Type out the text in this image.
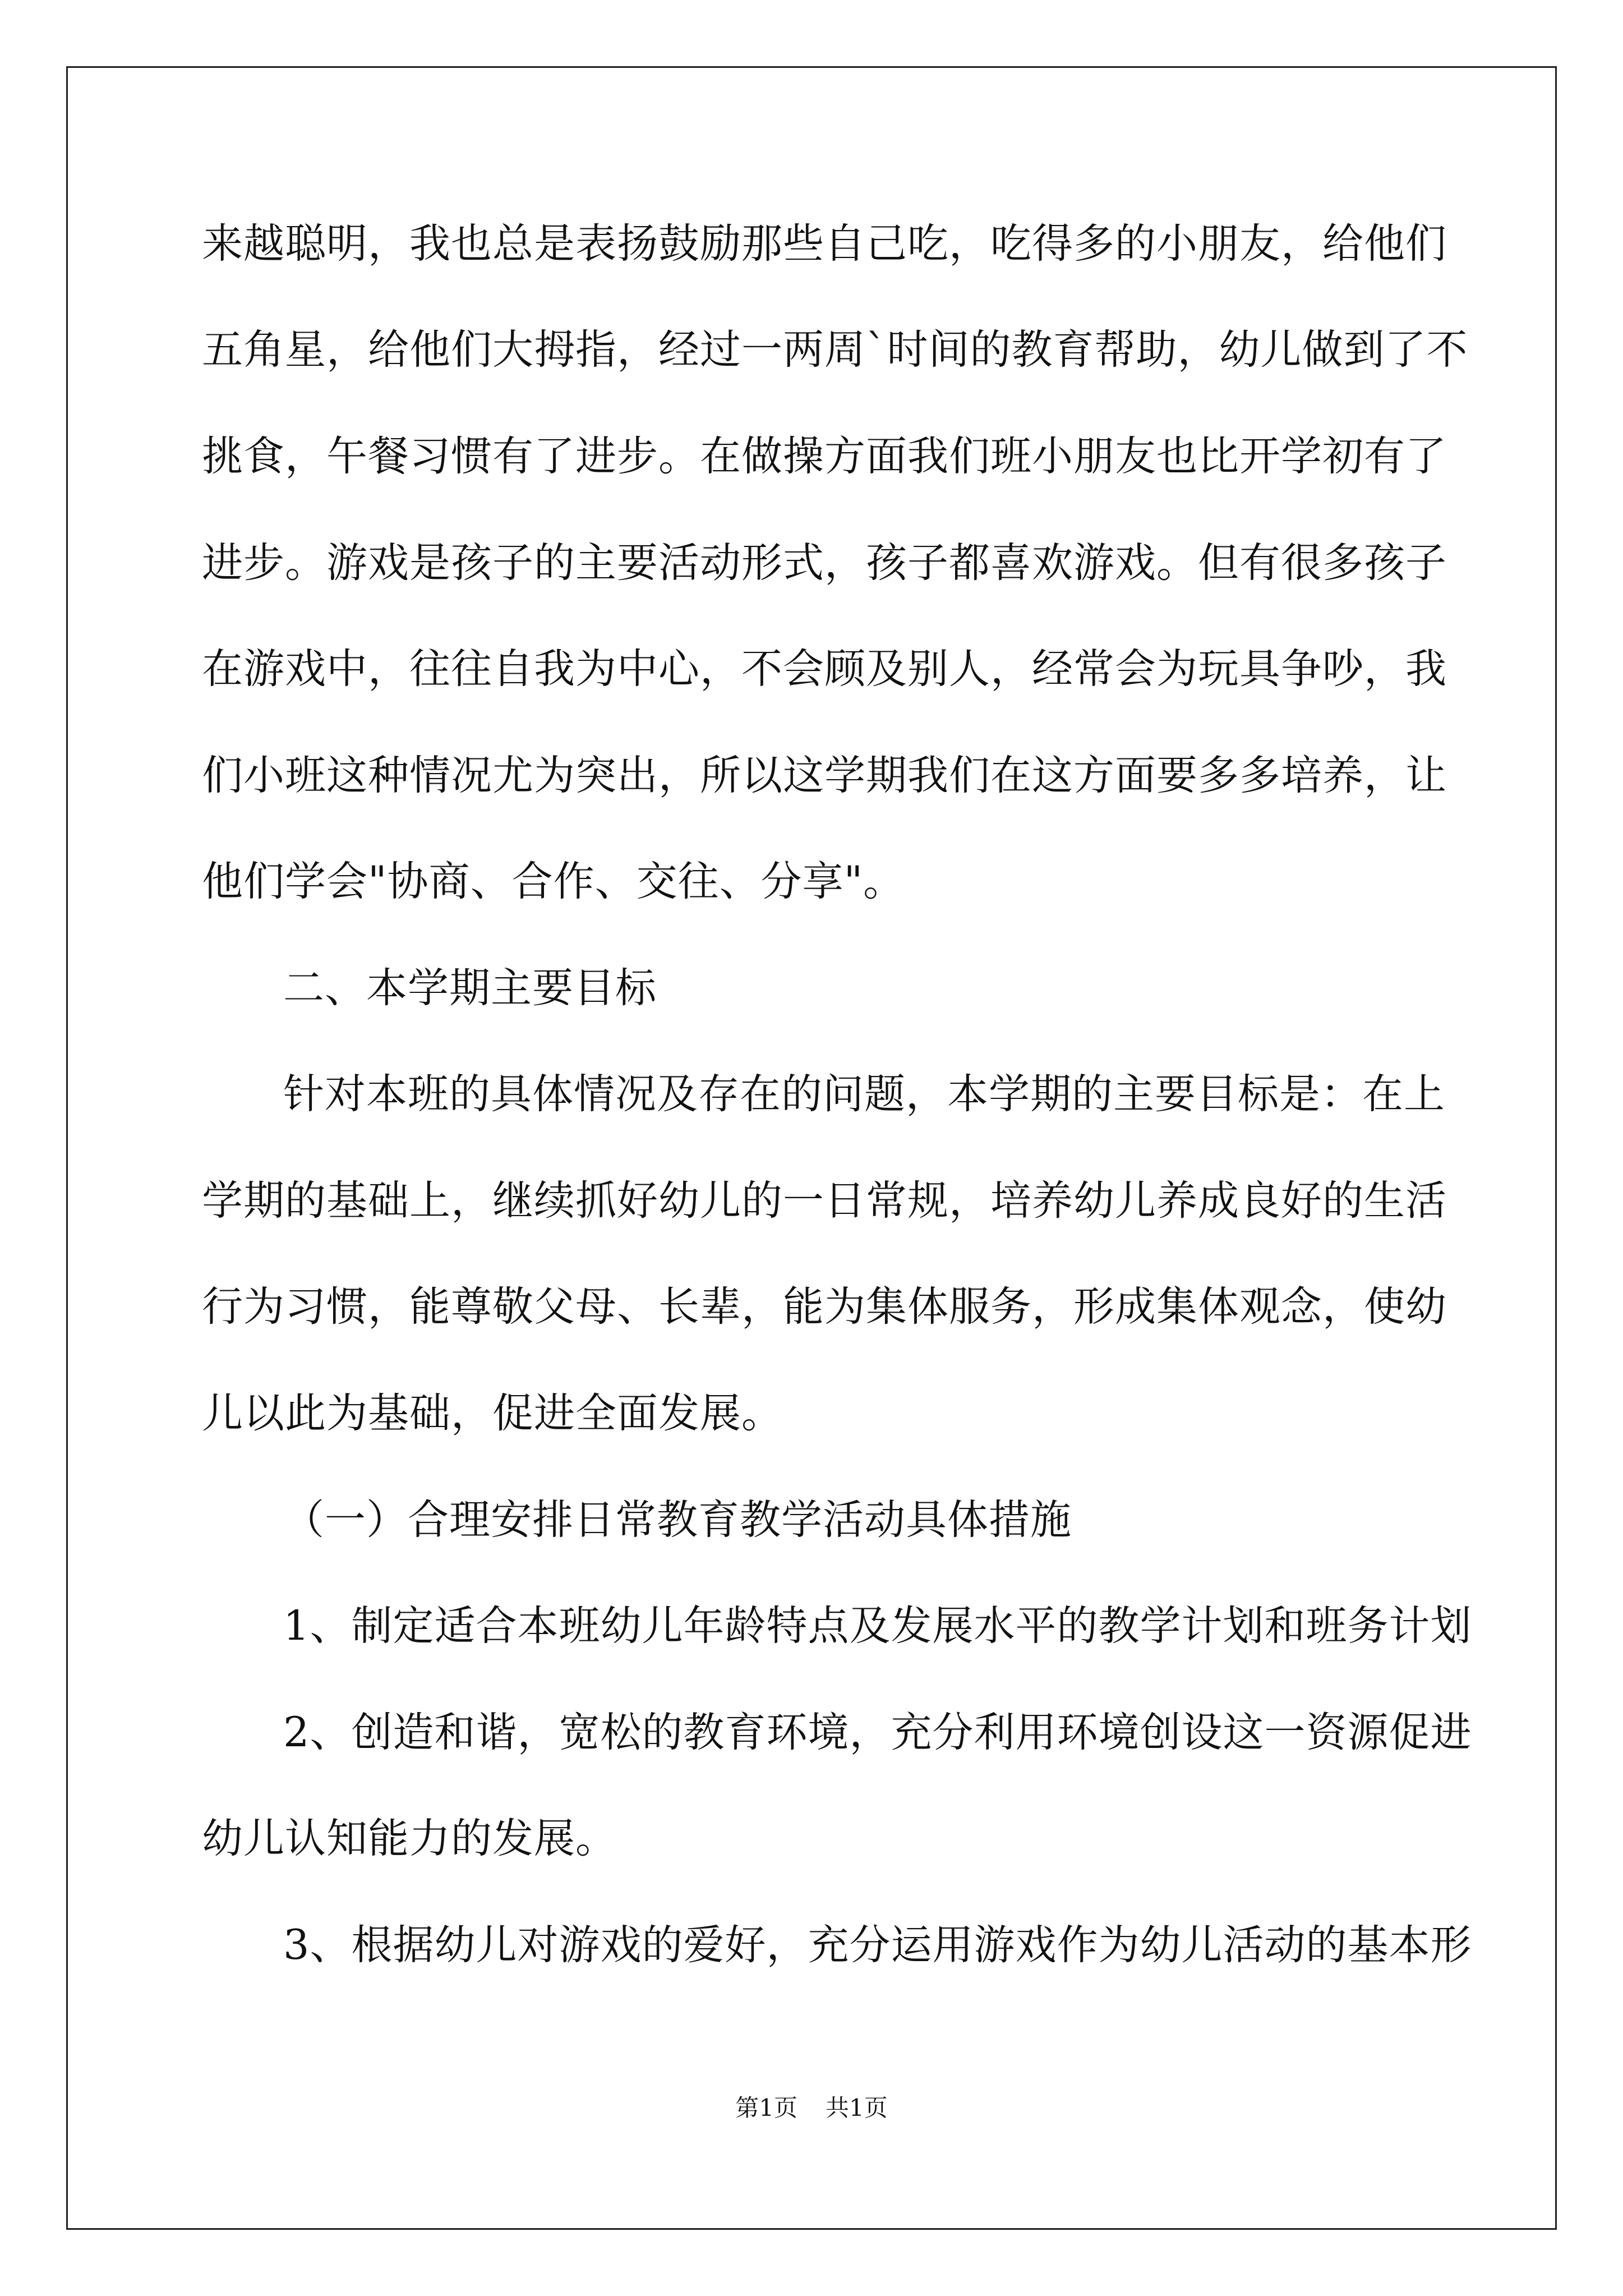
来越聪明，我也总是表扬鼓励那些自己吃，吃得多的小朋友，给他们
五角星，给他们大拇指，经过一两周`时间的教育帮助，幼儿做到了不
挑食，午餐习惯有了进步。在做操方面我们班小朋友也比开学初有了
进步。游戏是孩子的主要活动形式，孩子都喜欢游戏。但有很多孩子
在游戏中，往往自我为中心，不会顾及别人，经常会为玩具争吵，我
们小班这种情况尤为突出，所以这学期我们在这方面要多多培养，让
他们学会"协商、合作、交往、分享"。
二、本学期主要目标
针对本班的具体情况及存在的问题，本学期的主要目标是：在上
学期的基础上，继续抓好幼儿的一日常规，培养幼儿养成良好的生活
行为习惯，能尊敬父母、长辈，能为集体服务，形成集体观念，使幼
儿以此为基础，促进全面发展。
（一）合理安排日常教育教学活动具体措施
1、制定适合本班幼儿年龄特点及发展水平的教学计划和班务计划
2、创造和谐，宽松的教育环境，充分利用环境创设这一资源促进
幼儿认知能力的发展。
3、根据幼儿对游戏的爱好，充分运用游戏作为幼儿活动的基本形
第1页 共1页
